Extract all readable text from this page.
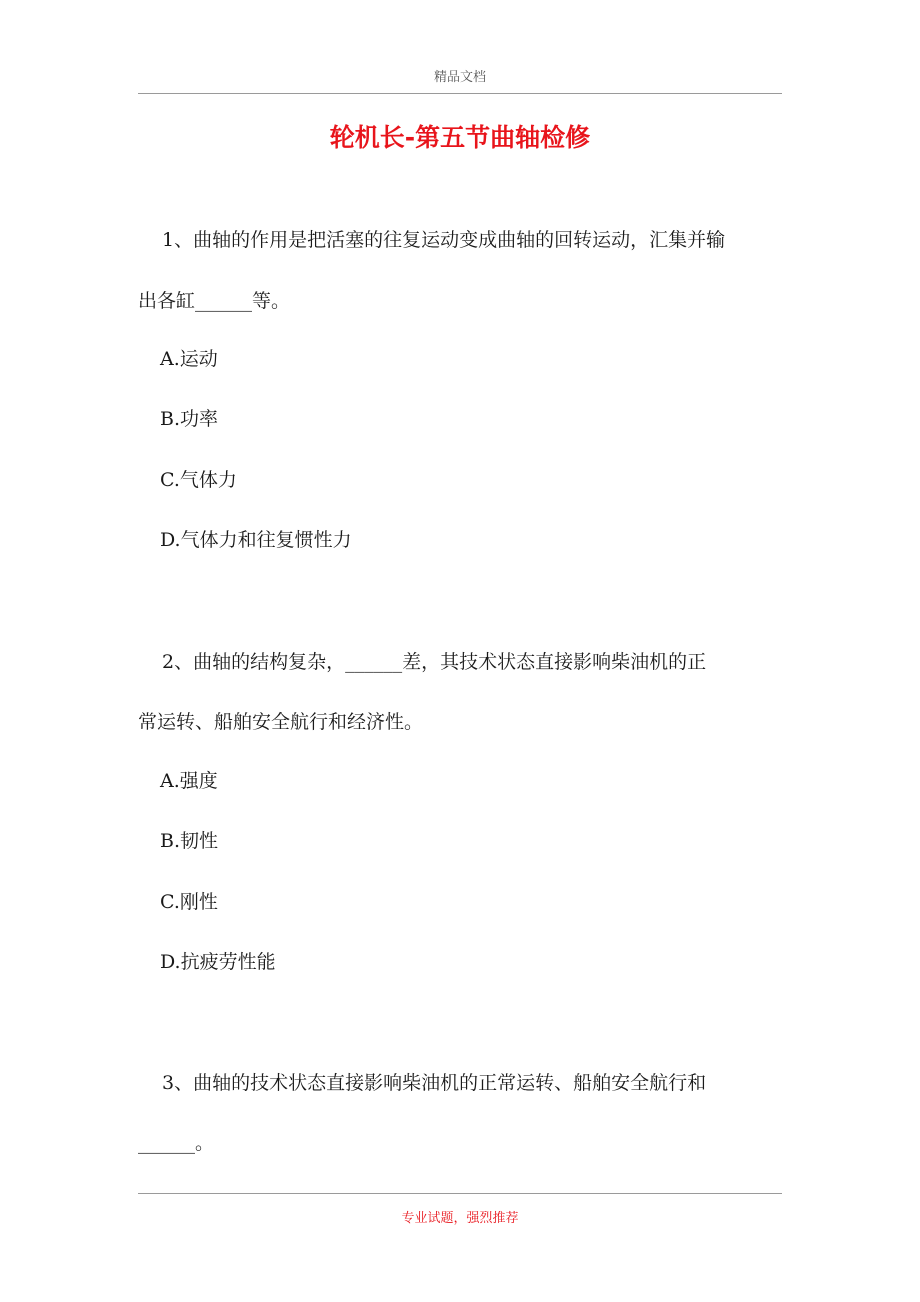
精品文档
轮机长-第五节曲轴检修
1、曲轴的作用是把活塞的往复运动变成曲轴的回转运动，汇集并输
出各缸______等。
A.运动
B.功率
C.气体力
D.气体力和往复惯性力
2、曲轴的结构复杂，______差，其技术状态直接影响柴油机的正
常运转、船舶安全航行和经济性。
A.强度
B.韧性
C.刚性
D.抗疲劳性能
3、曲轴的技术状态直接影响柴油机的正常运转、船舶安全航行和
______。
专业试题，强烈推荐
